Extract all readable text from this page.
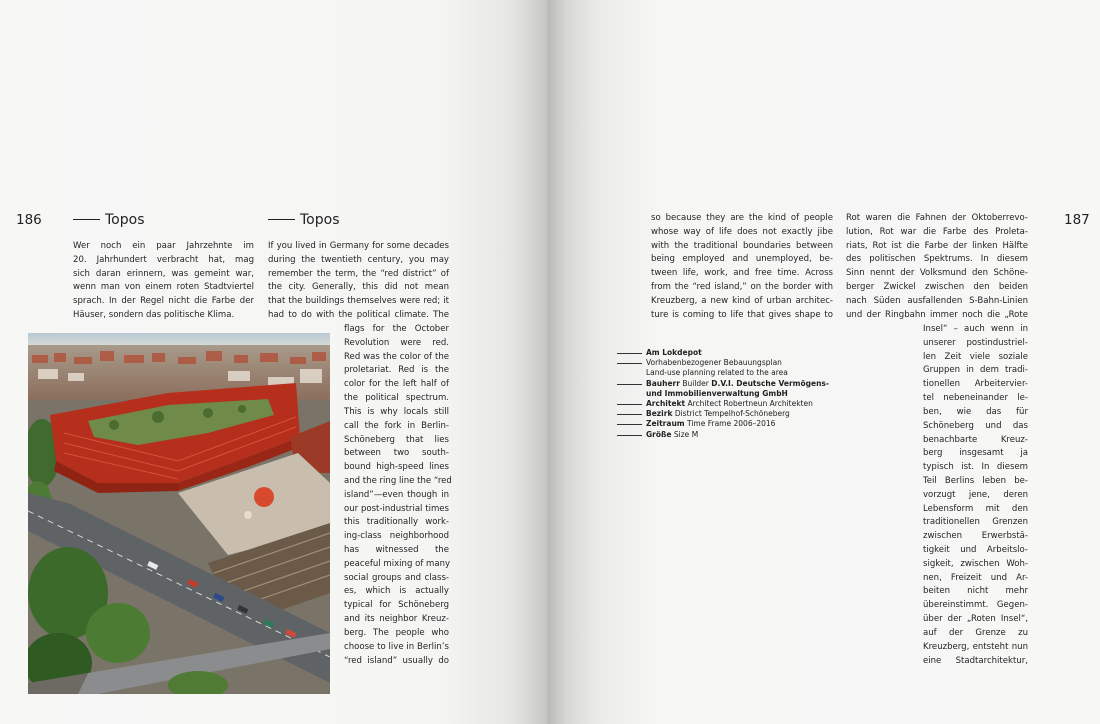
186	Topos	Topos
Wer noch ein paar Jahrzehnte im
20. Jahrhundert verbracht hat, mag
sich daran erinnern, was gemeint war,
wenn man von einem roten Stadtviertel
sprach. In der Regel nicht die Farbe der
Häuser, sondern das politische Klima.
If you lived in Germany for some decades
during the twentieth century, you may
remember the term, the “red district” of
the city. Generally, this did not mean
that the buildings themselves were red; it
had to do with the political climate. The
flags for the October
Revolution were red.
Red was the color of the
proletariat. Red is the
color for the left half of
the political spectrum.
This is why locals still
call the fork in Berlin-
Schöneberg that lies
between two south-
bound high-speed lines
and the ring line the “red
island”—even though in
our post-industrial times
this traditionally work-
ing-class neighborhood
has witnessed the
peaceful mixing of many
social groups and class-
es, which is actually
typical for Schöneberg
and its neighbor Kreuz-
berg. The people who
choose to live in Berlin’s
“red island” usually do
187
so because they are the kind of people
whose way of life does not exactly jibe
with the traditional boundaries between
being employed and unemployed, be-
tween life, work, and free time. Across
from the “red island,” on the border with
Kreuzberg, a new kind of urban architec-
ture is coming to life that gives shape to
Rot waren die Fahnen der Oktoberrevo-
lution, Rot war die Farbe des Proleta-
riats, Rot ist die Farbe der linken Hälfte
des politischen Spektrums. In diesem
Sinn nennt der Volksmund den Schöne-
berger Zwickel zwischen den beiden
nach Süden ausfallenden S-Bahn-Linien
und der Ringbahn immer noch die „Rote
Insel“ – auch wenn in
unserer postindustriel-
len Zeit viele soziale
Gruppen in dem tradi-
tionellen Arbeitervier-
tel nebeneinander le-
ben, wie das für
Schöneberg und das
benachbarte Kreuz-
berg insgesamt ja
typisch ist. In diesem
Teil Berlins leben be-
vorzugt jene, deren
Lebensform mit den
traditionellen Grenzen
zwischen Erwerbstä-
tigkeit und Arbeitslo-
sigkeit, zwischen Woh-
nen, Freizeit und Ar-
beiten nicht mehr
übereinstimmt. Gegen-
über der „Roten Insel“,
auf der Grenze zu
Kreuzberg, entsteht nun
eine Stadtarchitektur,
Am Lokdepot
Vorhabenbezogener Bebauungsplan
Land-use planning related to the area
Bauherr Builder D.V.I. Deutsche Vermögens-
und Immobilienverwaltung GmbH
Architekt Architect Robertneun Architekten
Bezirk District Tempelhof-Schöneberg
Zeitraum Time Frame 2006–2016
Größe Size M
